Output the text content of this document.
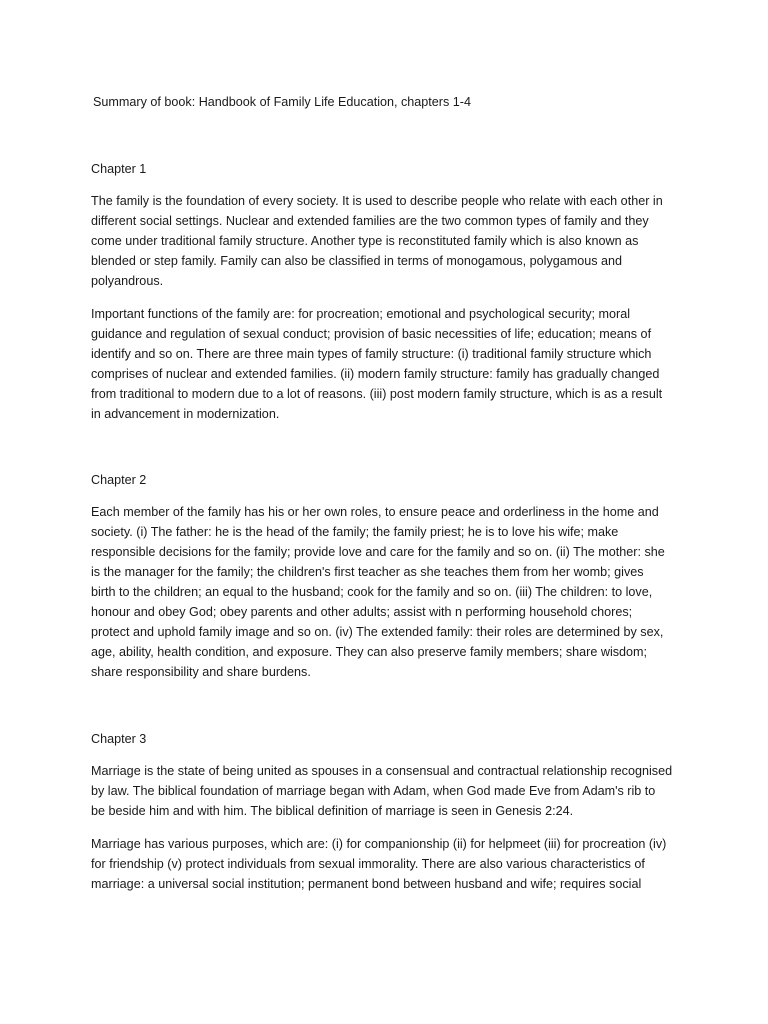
Summary of book: Handbook of Family Life Education, chapters 1-4
Chapter 1
The family is the foundation of every society. It is used to describe people who relate with each other in
different social settings. Nuclear and extended families are the two common types of family and they
come under traditional family structure. Another type is reconstituted family which is also known as
blended or step family. Family can also be classified in terms of monogamous, polygamous and
polyandrous.
Important functions of the family are: for procreation; emotional and psychological security; moral
guidance and regulation of sexual conduct; provision of basic necessities of life; education; means of
identify and so on. There are three main types of family structure: (i) traditional family structure which
comprises of nuclear and extended families. (ii) modern family structure: family has gradually changed
from traditional to modern due to a lot of reasons. (iii) post modern family structure, which is as a result
in advancement in modernization.
Chapter 2
Each member of the family has his or her own roles, to ensure peace and orderliness in the home and
society. (i) The father: he is the head of the family; the family priest; he is to love his wife; make
responsible decisions for the family; provide love and care for the family and so on. (ii) The mother: she
is the manager for the family; the children's first teacher as she teaches them from her womb; gives
birth to the children; an equal to the husband; cook for the family and so on. (iii) The children: to love,
honour and obey God; obey parents and other adults; assist with n performing household chores;
protect and uphold family image and so on. (iv) The extended family: their roles are determined by sex,
age, ability, health condition, and exposure. They can also preserve family members; share wisdom;
share responsibility and share burdens.
Chapter 3
Marriage is the state of being united as spouses in a consensual and contractual relationship recognised
by law. The biblical foundation of marriage began with Adam, when God made Eve from Adam's rib to
be beside him and with him. The biblical definition of marriage is seen in Genesis 2:24.
Marriage has various purposes, which are: (i) for companionship (ii) for helpmeet (iii) for procreation (iv)
for friendship (v) protect individuals from sexual immorality. There are also various characteristics of
marriage: a universal social institution; permanent bond between husband and wife; requires social
